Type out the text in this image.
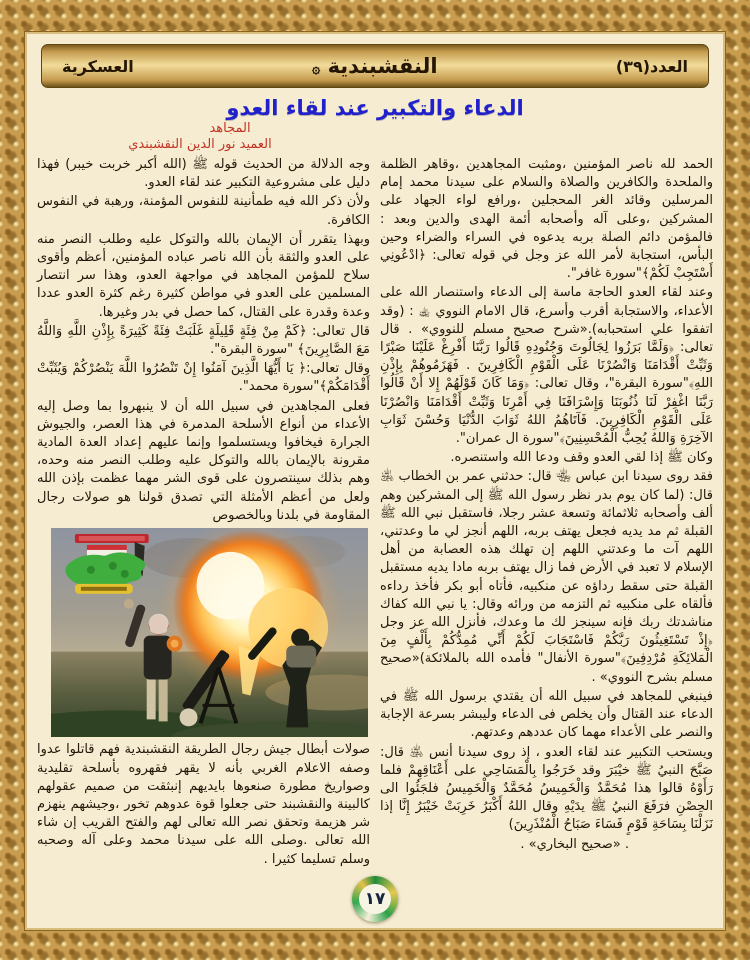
العدد(٣٩)
النقشبندية ۞
العسكرية
الدعاء والتكبير عند لقاء العدو
المجاهد
العميد نور الدين النقشبندي

الحمد لله ناصر المؤمنين ،ومثبت المجاهدين ،وقاهر الظلمة والملحدة والكافرين والصلاة والسلام على سيدنا محمد إمام المرسلين وقائد الغر المحجلين ،ورافع لواء الجهاد على المشركين ،وعلى آله وأصحابه أئمة الهدى والدين وبعد : فالمؤمن دائم الصلة بربه يدعوه في السراء والضراء وحين البأس، استجابة لأمر الله عز وجل في قوله تعالى: ﴿ادْعُونِي أَسْتَجِبْ لَكُمْ﴾"سورة غافر".

وعند لقاء العدو الحاجة ماسة إلى الدعاء واستنصار الله على الأعداء، والاستجابة أقرب وأسرع، قال الامام النووي ﵀ : (وقد اتفقوا علي استحبابه).«شرح صحيح مسلم للنووي» . قال تعالى: ﴿وَلَمَّا بَرَزُوا لِجَالُوتَ وَجُنُودِهِ قَالُوا رَبَّنَا أَفْرِغْ عَلَيْنَا صَبْرًا وَثَبِّتْ أَقْدَامَنَا وَانْصُرْنَا عَلَى الْقَوْمِ الْكَافِرِينَ . فَهَزَمُوهُمْ بِإِذْنِ اللهِ﴾"سورة البقرة"، وقال تعالى: ﴿وَمَا كَانَ قَوْلَهُمْ إِلا أَنْ قَالُوا رَبَّنَا اغْفِرْ لَنَا ذُنُوبَنَا وَإِسْرَافَنَا فِي أَمْرِنَا وَثَبِّتْ أَقْدَامَنَا وَانْصُرْنَا عَلَى الْقَوْمِ الْكَافِرِينَ. فَآتَاهُمُ اللهُ ثَوَابَ الدُّنْيَا وَحُسْنَ ثَوَابِ الآخِرَةِ وَاللهُ يُحِبُّ الْمُحْسِنِينَ﴾"سورة ال عمران".

وكان ﷺ إذا لقي العدو وقف ودعا الله واستنصره.

فقد روى سيدنا ابن عباس ﵄ قال: حدثني عمر بن الخطاب ﵁ قال: (لما كان يوم بدر نظر رسول الله ﷺ إلى المشركين وهم ألف وأصحابه ثلاثمائة وتسعة عشر رجلا، فاستقبل نبي الله ﷺ القبلة ثم مد يديه فجعل يهتف بربه، اللهم أنجز لي ما وعدتني، اللهم آت ما وعدتني اللهم إن تهلك هذه العصابة من أهل الإسلام لا تعبد في الأرض فما زال يهتف بربه مادا يديه مستقبل القبلة حتى سقط رداؤه عن منكبيه، فأتاه أبو بكر فأخذ رداءه فألقاه على منكبيه ثم التزمه من ورائه وقال: يا نبي الله كفاك مناشدتك ربك فإنه سينجز لك ما وعدك، فأنزل الله عز وجل ﴿إِذْ تَسْتَغِيثُونَ رَبَّكُمْ فَاسْتَجَابَ لَكُمْ أَنِّي مُمِدُّكُمْ بِأَلْفٍ مِنَ الْمَلائِكَةِ مُرْدِفِينَ﴾"سورة الأنفال" فأمده الله بالملائكة)«صحيح مسلم بشرح النووي» .

فينبغي للمجاهد في سبيل الله أن يقتدي برسول الله ﷺ في الدعاء عند القتال وأن يخلص فى الدعاء وليبشر بسرعة الإجابة والنصر على الأعداء مهما كان عددهم وعدتهم.

ويستحب التكبير عند لقاء العدو ، إذ روى سيدنا أنس ﵁ قال: صَبَّحَ النبيُ ﷺ خيْبَرَ وقد خَرَجُوا بِالْمَسَاحِي على أَعْنَاقِهِمْ فلما رَأَوْهُ قالوا هذا مُحَمَّدٌ وَالْخَمِيسُ مُحَمَّدٌ وَالْخَمِيسُ فلجَئُوا الى الحِصْنِ فرَفَعَ النبيُ ﷺ يدَيْهِ وقال اللهُ أَكْبَرُ خَرِبَتْ خَيْبَرُ إِنَّا إذا نَزَلْنَا بِسَاحَةِ قَوْمٍ فَسَاءَ صَبَاحُ الْمُنْذَرِينَ)

. «صحيح البخاري» .

وجه الدلالة من الحديث قوله ﷺ (الله أكبر خربت خيبر) فهذا دليل على مشروعية التكبير عند لقاء العدو.

ولأن ذكر الله فيه طمأنينة للنفوس المؤمنة، ورهبة في النفوس الكافرة.

وبهذا يتقرر أن الإيمان بالله والتوكل عليه وطلب النصر منه على العدو والثقة بأن الله ناصر عباده المؤمنين، أعظم وأقوى سلاح للمؤمن المجاهد في مواجهة العدو، وهذا سر انتصار المسلمين على العدو في مواطن كثيرة رغم كثرة العدو عددا وعدة وقدرة على القتال، كما حصل في بدر وغيرها.

قال تعالى: ﴿كَمْ مِنْ فِئَةٍ قَلِيلَةٍ غَلَبَتْ فِئَةً كَثِيرَةً بِإِذْنِ اللَّهِ وَاللَّهُ مَعَ الصَّابِرِينَ﴾ "سورة البقرة".

وقال تعالى:﴿ يَا أَيُّهَا الَّذِينَ آمَنُوا إِنْ تَنْصُرُوا اللَّهَ يَنْصُرْكُمْ وَيُثَبِّتْ أَقْدَامَكُمْ﴾"سورة محمد".

فعلى المجاهدين في سبيل الله أن لا ينبهروا بما وصل إليه الأعداء من أنواع الأسلحة المدمرة في هذا العصر، والجيوش الجرارة فيخافوا ويستسلموا وإنما عليهم إعداد العدة المادية مقرونة بالإيمان بالله والتوكل عليه وطلب النصر منه وحده، وهم بذلك سينتصرون على قوى الشر مهما عظمت بإذن الله ولعل من أعظم الأمثلة التي تصدق قولنا هو صولات رجال المقاومة في بلدنا وبالخصوص

صولات أبطال جيش رجال الطريقة النقشبندية فهم قاتلوا عدوا وصفه الاعلام الغربي بأنه لا يقهر فقهروه بأسلحة تقليدية وصواريخ مطورة صنعوها بايديهم إنبثقت من صميم عقولهم كالبينة والنقشبند حتى جعلوا قوة عدوهم تخور ،وجيشهم ينهزم شر هزيمة وتحقق نصر الله تعالى لهم والفتح القريب إن شاء الله تعالى .وصلى الله على سيدنا محمد وعلى آله وصحبه وسلم تسليما كثيرا .

١٧
